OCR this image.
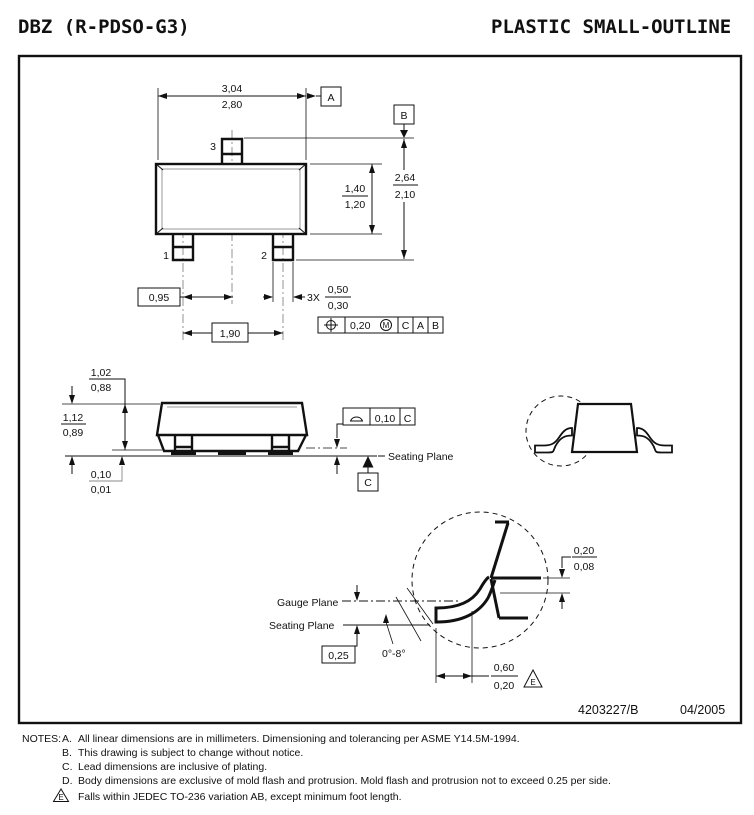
DBZ (R-PDSO-G3)	PLASTIC SMALL-OUTLINE
3
1	2
3,04
2,80
A
B
2,64
2,10
1,40
1,20
0,95	3X
0,50
0,30
1,90
0,20 M C A B
1,12
0,89
1,02
0,88
0,10
0,01
0,10 C
C
Seating Plane
Gauge Plane
Seating Plane
0,25	0°-8°
0,20
0,08
0,60
0,20 E
4203227/B	04/2005
NOTES: A. All linear dimensions are in millimeters. Dimensioning and tolerancing per ASME Y14.5M-1994.
B. This drawing is subject to change without notice.
C. Lead dimensions are inclusive of plating.
D. Body dimensions are exclusive of mold flash and protrusion. Mold flash and protrusion not to exceed 0.25 per side.
E Falls within JEDEC TO-236 variation AB, except minimum foot length.
